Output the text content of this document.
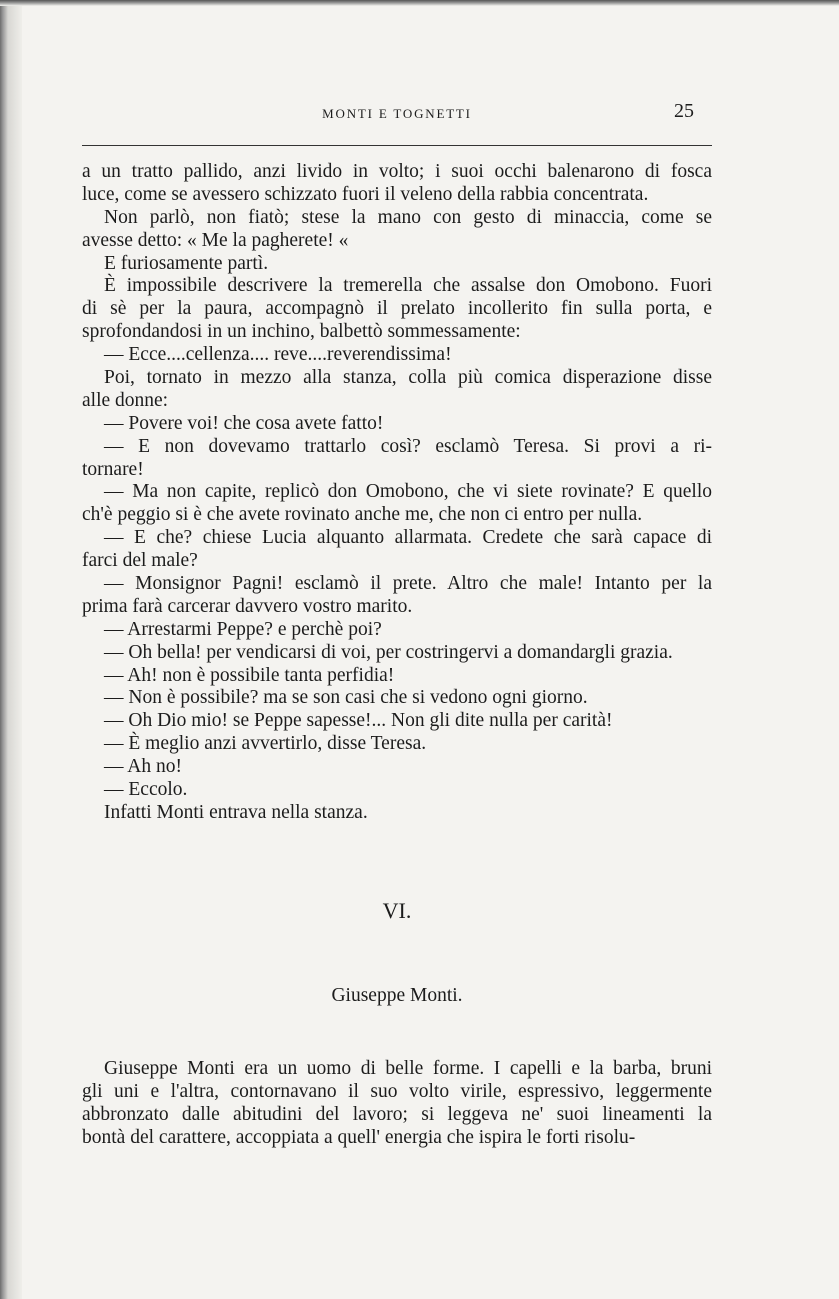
MONTI E TOGNETTI	25
a un tratto pallido, anzi livido in volto; i suoi occhi balenarono di fosca
luce, come se avessero schizzato fuori il veleno della rabbia concentrata.
Non parlò, non fiatò; stese la mano con gesto di minaccia, come se
avesse detto: « Me la pagherete! «
E furiosamente partì.
È impossibile descrivere la tremerella che assalse don Omobono. Fuori
di sè per la paura, accompagnò il prelato incollerito fin sulla porta, e
sprofondandosi in un inchino, balbettò sommessamente:
— Ecce....cellenza.... reve....reverendissima!
Poi, tornato in mezzo alla stanza, colla più comica disperazione disse
alle donne:
— Povere voi! che cosa avete fatto!
— E non dovevamo trattarlo così? esclamò Teresa. Si provi a ri-
tornare!
— Ma non capite, replicò don Omobono, che vi siete rovinate? E quello
ch'è peggio si è che avete rovinato anche me, che non ci entro per nulla.
— E che? chiese Lucia alquanto allarmata. Credete che sarà capace di
farci del male?
— Monsignor Pagni! esclamò il prete. Altro che male! Intanto per la
prima farà carcerar davvero vostro marito.
— Arrestarmi Peppe? e perchè poi?
— Oh bella! per vendicarsi di voi, per costringervi a domandargli grazia.
— Ah! non è possibile tanta perfidia!
— Non è possibile? ma se son casi che si vedono ogni giorno.
— Oh Dio mio! se Peppe sapesse!... Non gli dite nulla per carità!
— È meglio anzi avvertirlo, disse Teresa.
— Ah no!
— Eccolo.
Infatti Monti entrava nella stanza.
VI.
Giuseppe Monti.
Giuseppe Monti era un uomo di belle forme. I capelli e la barba, bruni
gli uni e l'altra, contornavano il suo volto virile, espressivo, leggermente
abbronzato dalle abitudini del lavoro; si leggeva ne' suoi lineamenti la
bontà del carattere, accoppiata a quell' energia che ispira le forti risolu-
